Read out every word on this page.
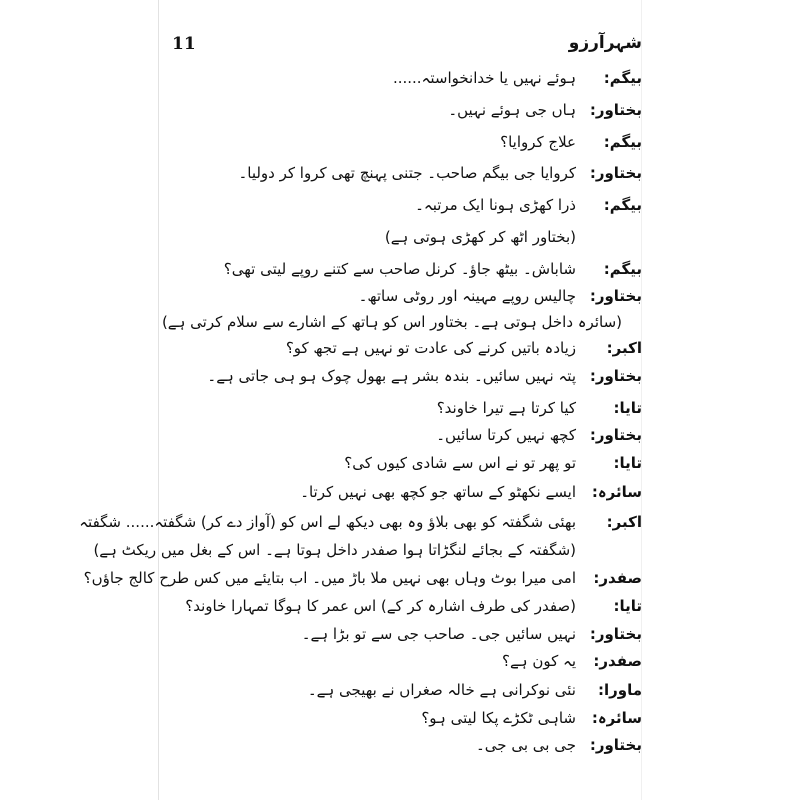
11	شہرآرزو
بیگم:
ہوئے نہیں یا خدانخواستہ......
بختاور:
ہاں جی ہوئے نہیں۔
بیگم:
علاج کروایا؟
بختاور:
کروایا جی بیگم صاحب۔ جتنی پہنچ تھی کروا کر دولیا۔
بیگم:
ذرا کھڑی ہونا ایک مرتبہ۔
(بختاور اٹھ کر کھڑی ہوتی ہے)
بیگم:
شاباش۔ بیٹھ جاؤ۔ کرنل صاحب سے کتنے روپے لیتی تھی؟
بختاور:
چالیس روپے مہینہ اور روٹی ساتھ۔
(سائرہ داخل ہوتی ہے۔ بختاور اس کو ہاتھ کے اشارے سے سلام کرتی ہے)
اکبر:
زیادہ باتیں کرنے کی عادت تو نہیں ہے تجھ کو؟
بختاور:
پتہ نہیں سائیں۔ بندہ بشر ہے بھول چوک ہو ہی جاتی ہے۔
تایا:
کیا کرتا ہے تیرا خاوند؟
بختاور:
کچھ نہیں کرتا سائیں۔
تایا:
تو پھر تو نے اس سے شادی کیوں کی؟
سائرہ:
ایسے نکھٹو کے ساتھ جو کچھ بھی نہیں کرتا۔
اکبر:
بھئی شگفتہ کو بھی بلاؤ وہ بھی دیکھ لے اس کو (آواز دے کر) شگفتہ...... شگفتہ
(شگفتہ کے بجائے لنگڑاتا ہوا صفدر داخل ہوتا ہے۔ اس کے بغل میں ریکٹ ہے)
صفدر:
امی میرا بوٹ وہاں بھی نہیں ملا باڑ میں۔ اب بتایئے میں کس طرح کالج جاؤں؟
تایا:
(صفدر کی طرف اشارہ کر کے) اس عمر کا ہوگا تمہارا خاوند؟
بختاور:
نہیں سائیں جی۔ صاحب جی سے تو بڑا ہے۔
صفدر:
یہ کون ہے؟
ماورا:
نئی نوکرانی ہے خالہ صغراں نے بھیجی ہے۔
سائرہ:
شاہی ٹکڑے پکا لیتی ہو؟
بختاور:
جی بی بی جی۔
